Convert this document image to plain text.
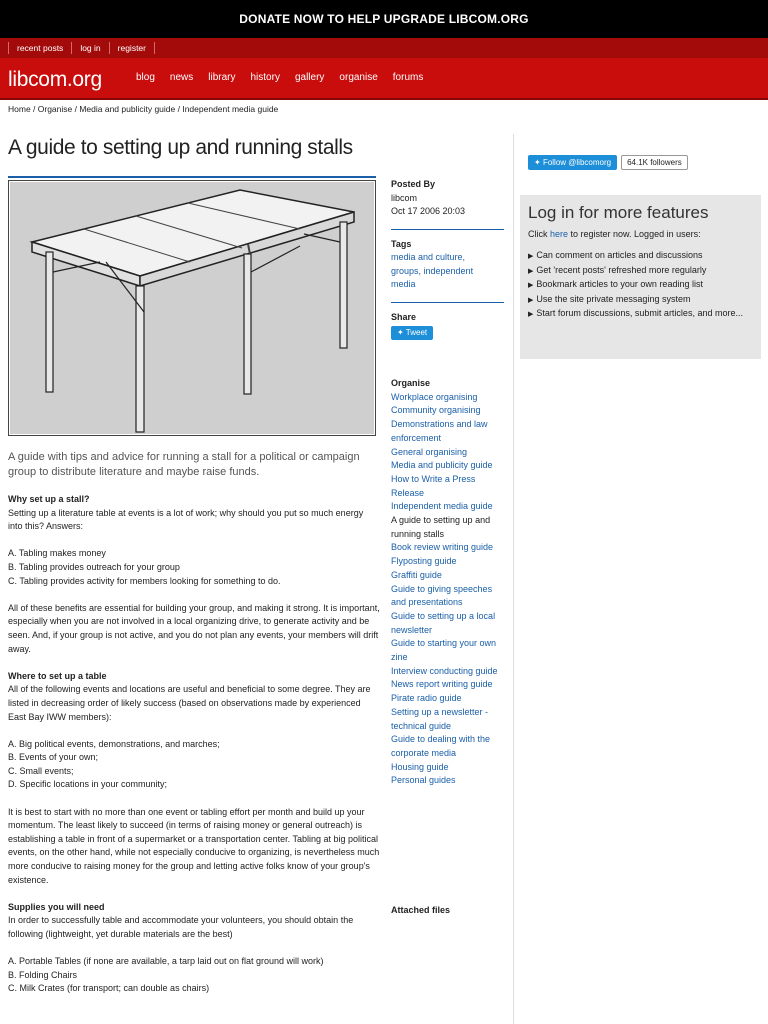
DONATE NOW TO HELP UPGRADE LIBCOM.ORG
recent posts	log in	register
libcom.org	blog news library history gallery organise forums
Home / Organise / Media and publicity guide / Independent media guide
A guide to setting up and running stalls

A guide with tips and advice for running a stall for a political or campaign group to distribute literature and maybe raise funds.

Why set up a stall?

Setting up a literature table at events is a lot of work; why should you put so much energy into this? Answers:

A. Tabling makes money
B. Tabling provides outreach for your group
C. Tabling provides activity for members looking for something to do.

All of these benefits are essential for building your group, and making it strong. It is important, especially when you are not involved in a local organizing drive, to generate activity and be seen. And, if your group is not active, and you do not plan any events, your members will drift away.

Where to set up a table

All of the following events and locations are useful and beneficial to some degree. They are listed in decreasing order of likely success (based on observations made by experienced East Bay IWW members):

A. Big political events, demonstrations, and marches;
B. Events of your own;
C. Small events;
D. Specific locations in your community;

It is best to start with no more than one event or tabling effort per month and build up your momentum. The least likely to succeed (in terms of raising money or general outreach) is establishing a table in front of a supermarket or a transportation center. Tabling at big political events, on the other hand, while not especially conducive to organizing, is nevertheless much more conducive to raising money for the group and letting active folks know of your group's existence.

Supplies you will need

In order to successfully table and accommodate your volunteers, you should obtain the following (lightweight, yet durable materials are the best)

A. Portable Tables (if none are available, a tarp laid out on flat ground will work)
B. Folding Chairs
C. Milk Crates (for transport; can double as chairs)
Posted By
libcom
Oct 17 2006 20:03
Tags
media and culture,
groups, independent
media
Share
✦ Tweet
Organise
Workplace organising
Community organising
Demonstrations and law enforcement
General organising
Media and publicity guide
How to Write a Press Release
Independent media guide
A guide to setting up and running stalls
Book review writing guide
Flyposting guide
Graffiti guide
Guide to giving speeches and presentations
Guide to setting up a local newsletter
Guide to starting your own zine
Interview conducting guide
News report writing guide
Pirate radio guide
Setting up a newsletter - technical guide
Guide to dealing with the corporate media
Housing guide
Personal guides
Attached files
✦ Follow @libcomorg	64.1K followers
Log in for more features
Click here to register now. Logged in users:
▶ Can comment on articles and discussions
▶ Get 'recent posts' refreshed more regularly
▶ Bookmark articles to your own reading list
▶ Use the site private messaging system
▶ Start forum discussions, submit articles, and more...
